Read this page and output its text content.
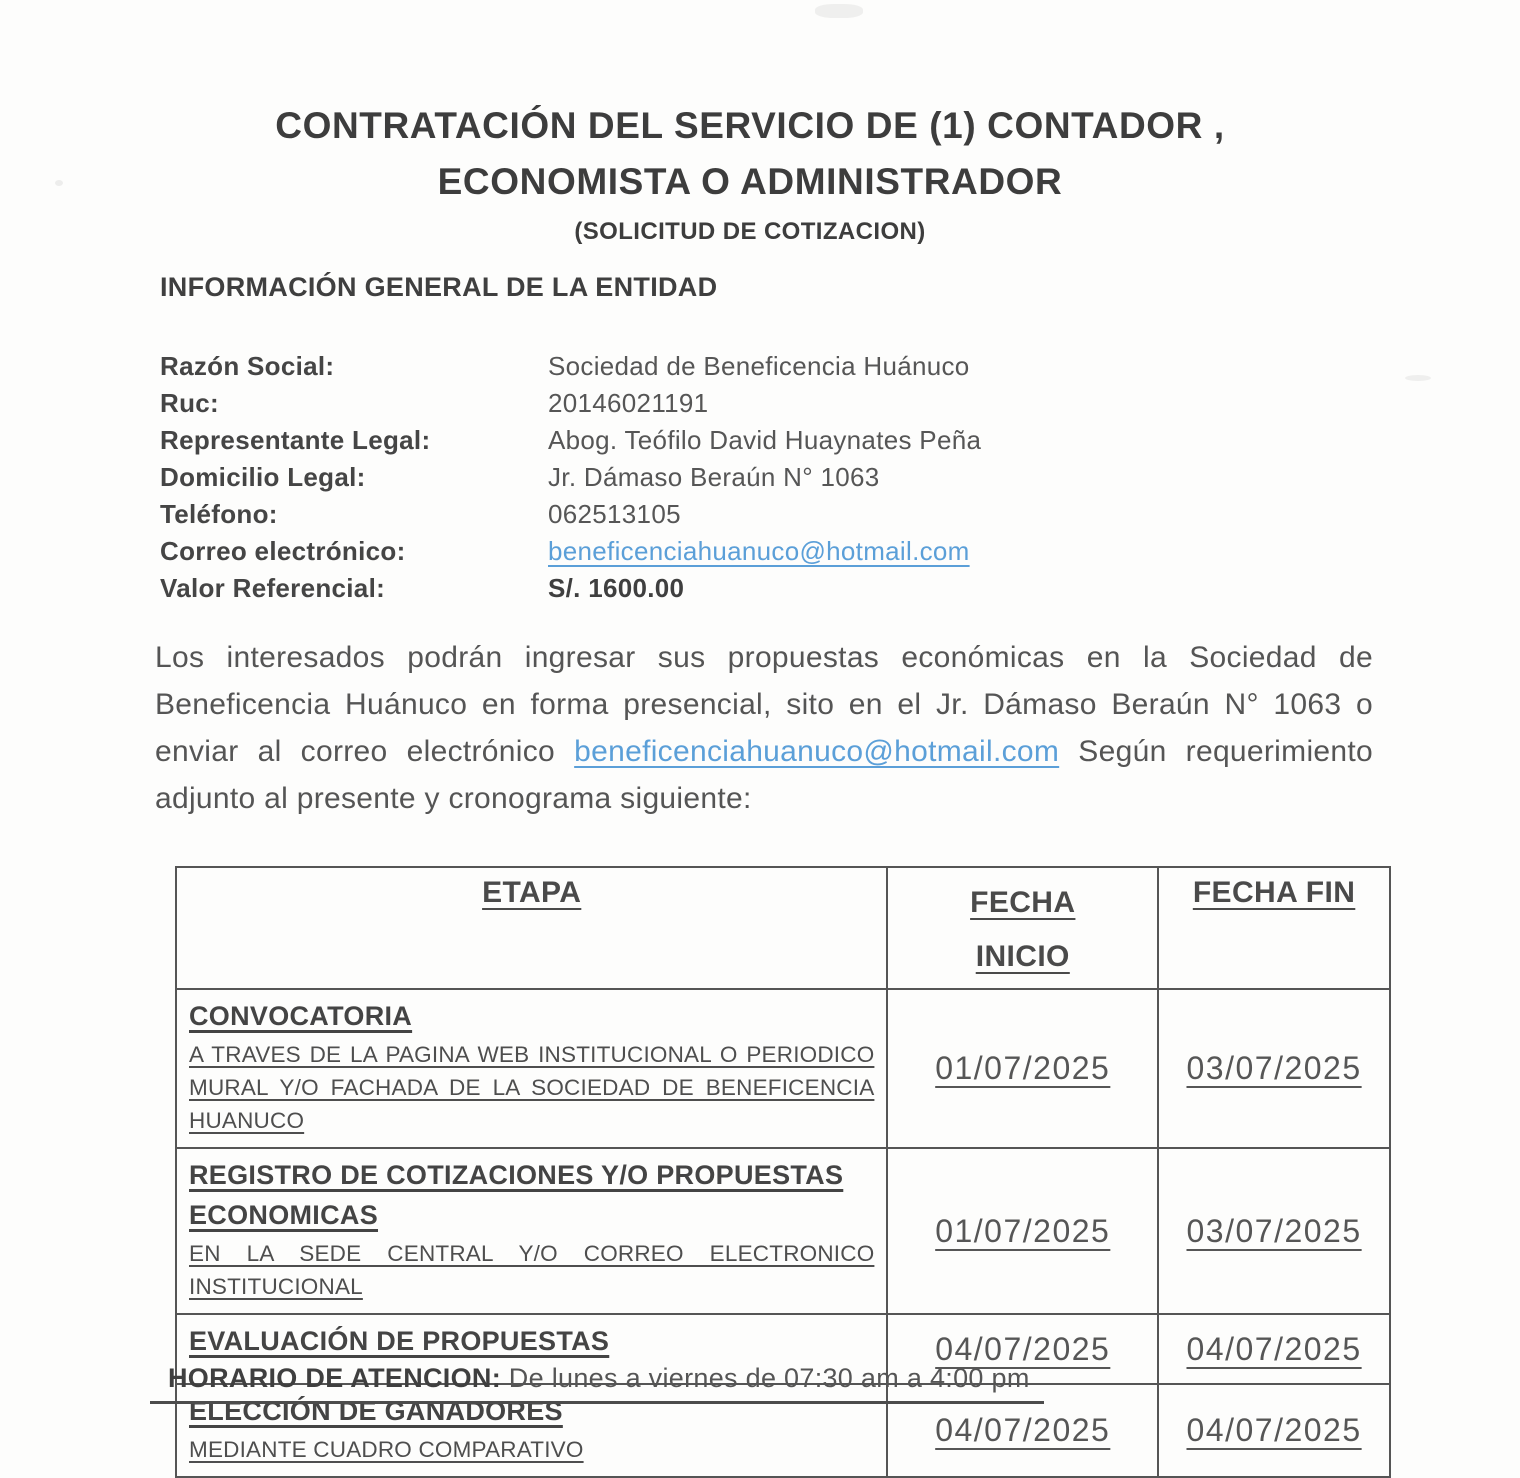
CONTRATACIÓN DEL SERVICIO DE (1) CONTADOR ,
ECONOMISTA O ADMINISTRADOR
(SOLICITUD DE COTIZACION)
INFORMACIÓN GENERAL DE LA ENTIDAD
Razón Social:	Sociedad de Beneficencia Huánuco
Ruc:	20146021191
Representante Legal:	Abog. Teófilo David Huaynates Peña
Domicilio Legal:	Jr. Dámaso Beraún N° 1063
Teléfono:	062513105
Correo electrónico:	beneficenciahuanuco@hotmail.com
Valor Referencial:	S/. 1600.00
Los interesados podrán ingresar sus propuestas económicas en la Sociedad de Beneficencia Huánuco en forma presencial, sito en el Jr. Dámaso Beraún N° 1063 o enviar al correo electrónico beneficenciahuanuco@hotmail.com Según requerimiento adjunto al presente y cronograma siguiente:
ETAPA	FECHA INICIO	FECHA FIN

CONVOCATORIA
A TRAVES DE LA PAGINA WEB INSTITUCIONAL O PERIODICO MURAL Y/O FACHADA DE LA SOCIEDAD DE BENEFICENCIA HUANUCO	01/07/2025	03/07/2025

REGISTRO DE COTIZACIONES Y/O PROPUESTAS ECONOMICAS
EN LA SEDE CENTRAL Y/O CORREO ELECTRONICO INSTITUCIONAL	01/07/2025	03/07/2025

EVALUACIÓN DE PROPUESTAS	04/07/2025	04/07/2025

ELECCIÓN DE GANADORES
MEDIANTE CUADRO COMPARATIVO	04/07/2025	04/07/2025
HORARIO DE ATENCION: De lunes a viernes de 07:30 am a 4:00 pm
